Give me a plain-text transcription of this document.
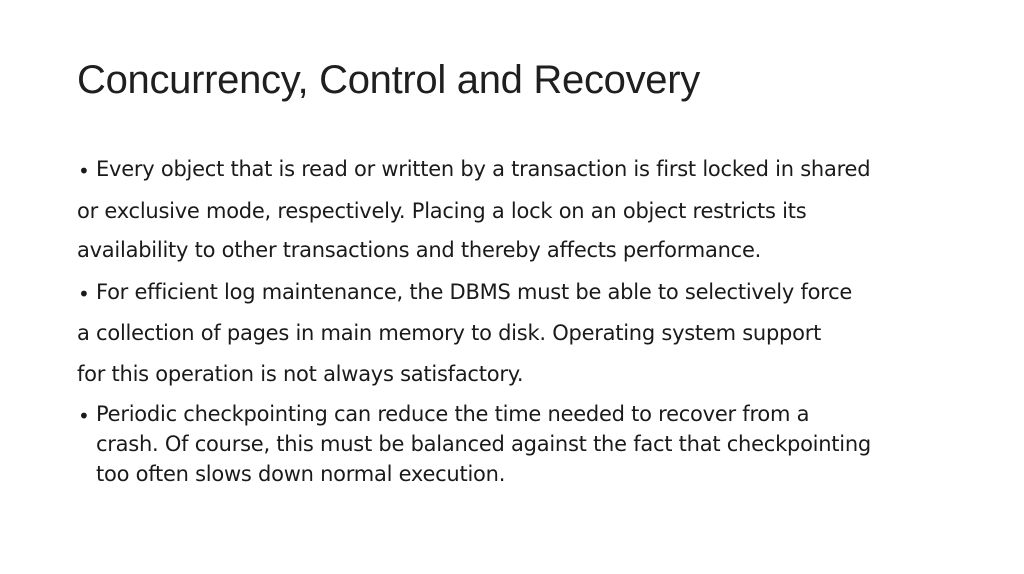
Concurrency, Control and Recovery
• Every object that is read or written by a transaction is first locked in shared
or exclusive mode, respectively. Placing a lock on an object restricts its
availability to other transactions and thereby affects performance.
• For efficient log maintenance, the DBMS must be able to selectively force
a collection of pages in main memory to disk. Operating system support
for this operation is not always satisfactory.
• Periodic checkpointing can reduce the time needed to recover from a
crash. Of course, this must be balanced against the fact that checkpointing
too often slows down normal execution.
